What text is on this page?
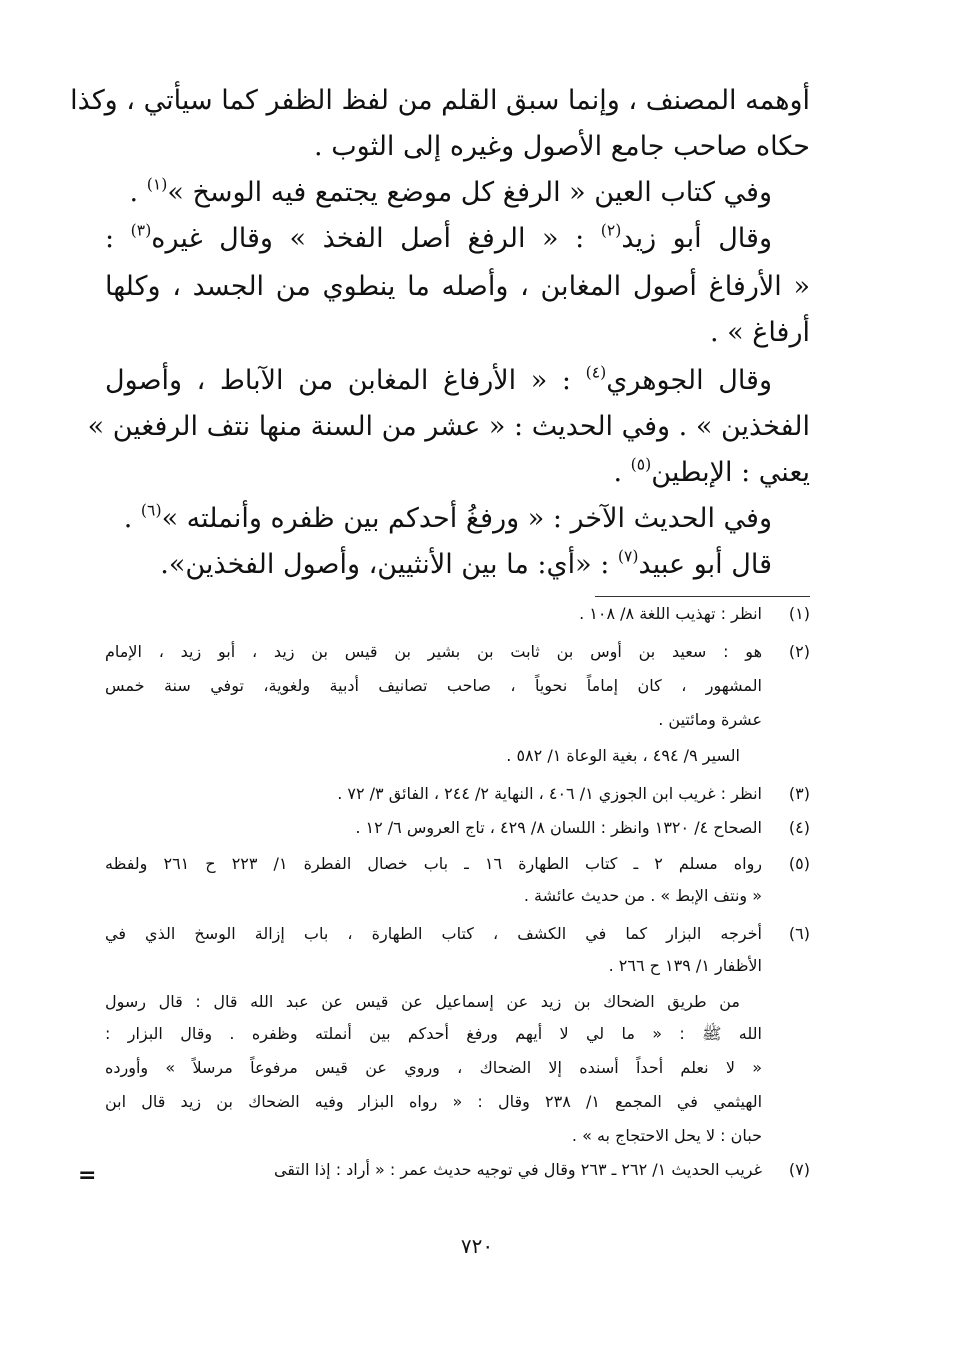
أوهمه المصنف ، وإنما سبق القلم من لفظ الظفر كما سيأتي ، وكذا
حكاه صاحب جامع الأصول وغيره إلى الثوب .
وفي كتاب العين « الرفغ كل موضع يجتمع فيه الوسخ »$^{(١)}$ .
وقال أبو زيد$^{(٢)}$ : « الرفغ أصل الفخذ » وقال غيره$^{(٣)}$ :
« الأرفاغ أصول المغابن ، وأصله ما ينطوي من الجسد ، وكلها
أرفاغ » .
وقال الجوهري$^{(٤)}$ : « الأرفاغ المغابن من الآباط ، وأصول
الفخذين » . وفي الحديث : « عشر من السنة منها نتف الرفغين »
يعني : الإبطين$^{(٥)}$ .
وفي الحديث الآخر : « ورفغُ أحدكم بين ظفره وأنملته »$^{(٦)}$ .
قال أبو عبيد$^{(٧)}$ : «أي: ما بين الأنثيين، وأصول الفخذين».
(١)
انظر : تهذيب اللغة ٨/ ١٠٨ .
(٢)
هو : سعيد بن أوس بن ثابت بن بشير بن قيس بن زيد ، أبو زيد ، الإمام
المشهور ، كان إماماً نحوياً ، صاحب تصانيف أدبية ولغوية، توفي سنة خمس
عشرة ومائتين .
السير ٩/ ٤٩٤ ، بغية الوعاة ١/ ٥٨٢ .
(٣)
انظر : غريب ابن الجوزي ١/ ٤٠٦ ، النهاية ٢/ ٢٤٤ ، الفائق ٣/ ٧٢ .
(٤)
الصحاح ٤/ ١٣٢٠ وانظر : اللسان ٨/ ٤٢٩ ، تاج العروس ٦/ ١٢ .
(٥)
رواه مسلم ٢ ـ كتاب الطهارة ١٦ ـ باب خصال الفطرة ١/ ٢٢٣ ح ٢٦١ ولفظه
« ونتف الإبط » . من حديث عائشة .
(٦)
أخرجه البزار كما في الكشف ، كتاب الطهارة ، باب إزالة الوسخ الذي في
الأظفار ١/ ١٣٩ ح ٢٦٦ .
من طريق الضحاك بن زيد عن إسماعيل عن قيس عن عبد الله قال : قال رسول
الله ﷺ : « ما لي لا أيهم ورفغ أحدكم بين أنملته وظفره . وقال البزار :
« لا نعلم أحداً أسنده إلا الضحاك ، وروي عن قيس مرفوعاً مرسلاً » وأورده
الهيثمي في المجمع ١/ ٢٣٨ وقال : « رواه البزار وفيه الضحاك بن زيد قال ابن
حبان : لا يحل الاحتجاج به » .
(٧)
غريب الحديث ١/ ٢٦٢ ـ ٢٦٣ وقال في توجيه حديث عمر : « أراد : إذا التقى
=
٧٢٠
